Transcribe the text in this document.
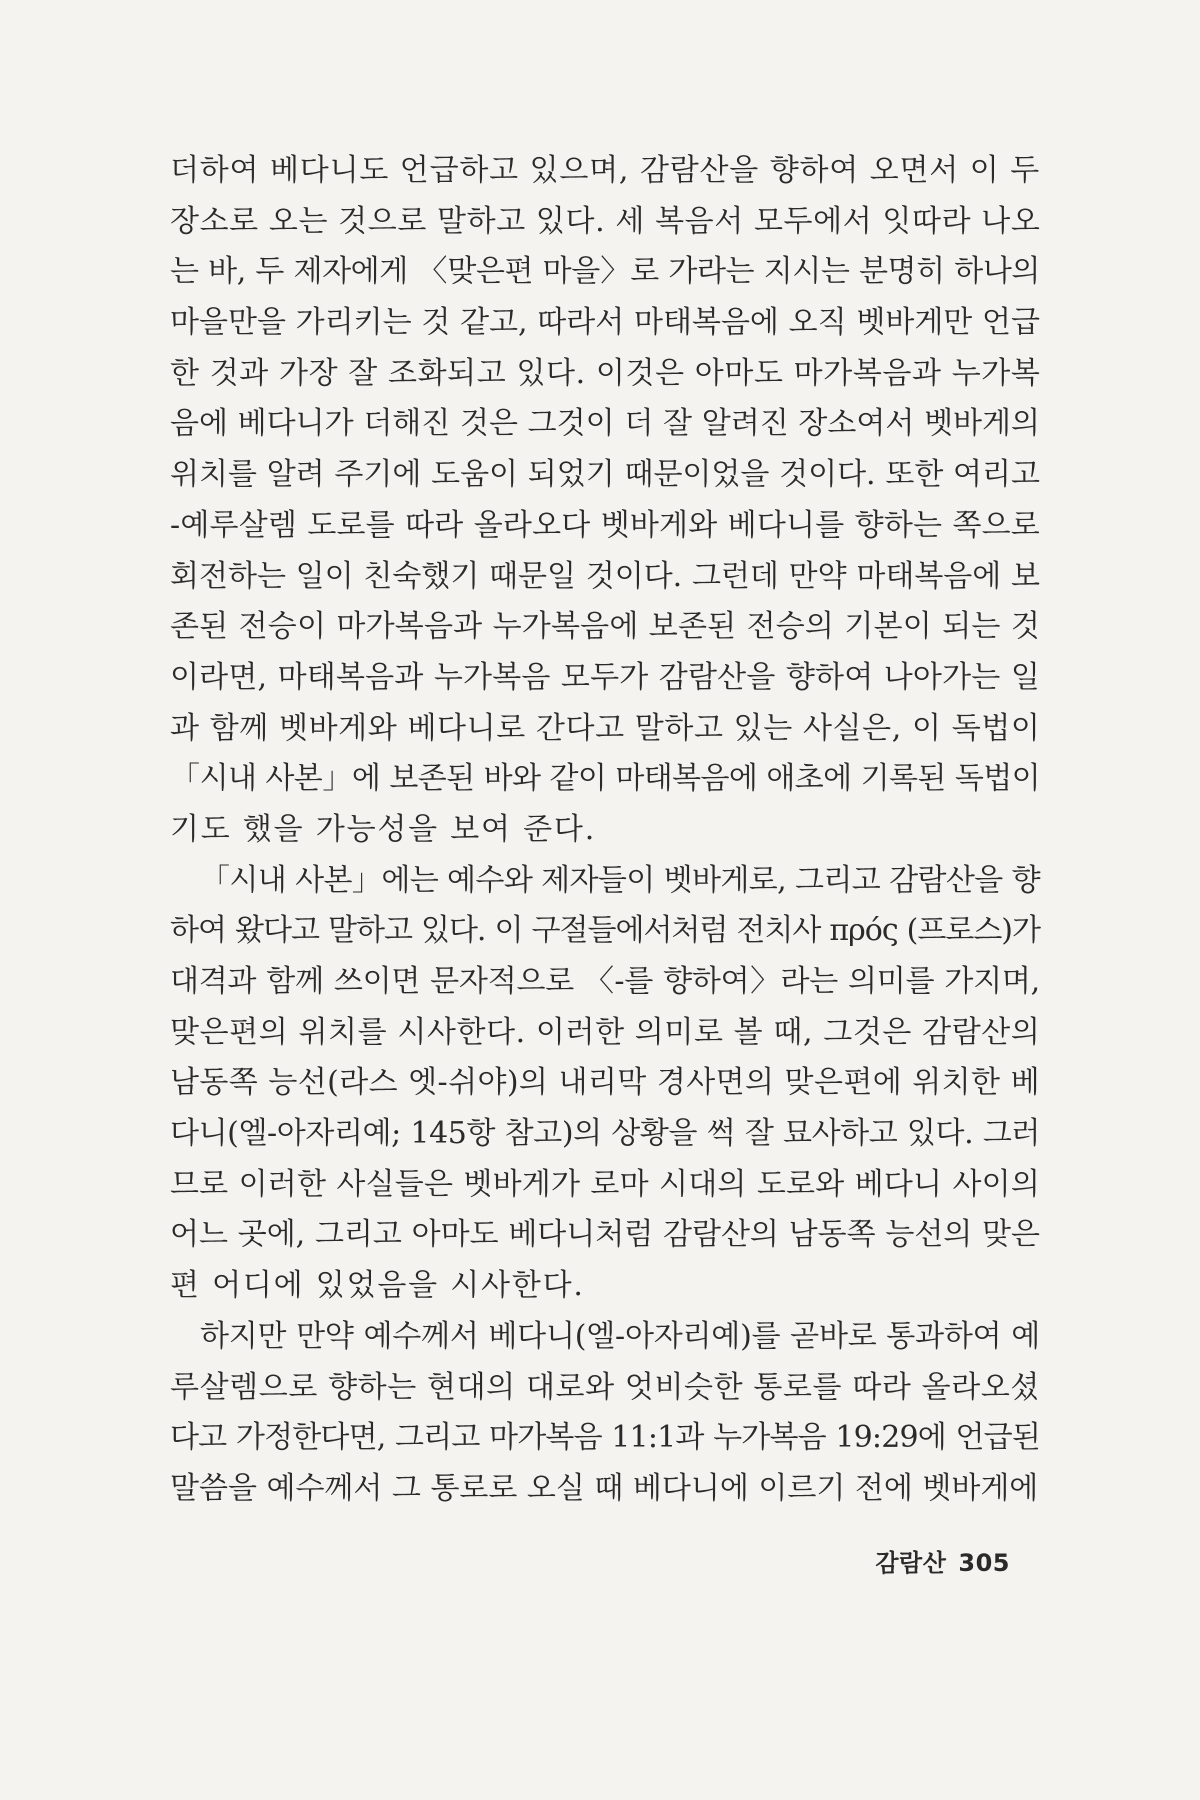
더하여 베다니도 언급하고 있으며, 감람산을 향하여 오면서 이 두
장소로 오는 것으로 말하고 있다. 세 복음서 모두에서 잇따라 나오
는 바, 두 제자에게 〈맞은편 마을〉로 가라는 지시는 분명히 하나의
마을만을 가리키는 것 같고, 따라서 마태복음에 오직 벳바게만 언급
한 것과 가장 잘 조화되고 있다. 이것은 아마도 마가복음과 누가복
음에 베다니가 더해진 것은 그것이 더 잘 알려진 장소여서 벳바게의
위치를 알려 주기에 도움이 되었기 때문이었을 것이다. 또한 여리고
-예루살렘 도로를 따라 올라오다 벳바게와 베다니를 향하는 쪽으로
회전하는 일이 친숙했기 때문일 것이다. 그런데 만약 마태복음에 보
존된 전승이 마가복음과 누가복음에 보존된 전승의 기본이 되는 것
이라면, 마태복음과 누가복음 모두가 감람산을 향하여 나아가는 일
과 함께 벳바게와 베다니로 간다고 말하고 있는 사실은, 이 독법이
「시내 사본」에 보존된 바와 같이 마태복음에 애초에 기록된 독법이
기도 했을 가능성을 보여 준다.
「시내 사본」에는 예수와 제자들이 벳바게로, 그리고 감람산을 향
하여 왔다고 말하고 있다. 이 구절들에서처럼 전치사 πρός (프로스)가
대격과 함께 쓰이면 문자적으로 〈-를 향하여〉라는 의미를 가지며,
맞은편의 위치를 시사한다. 이러한 의미로 볼 때, 그것은 감람산의
남동쪽 능선(라스 엣-쉬야)의 내리막 경사면의 맞은편에 위치한 베
다니(엘-아자리예; 145항 참고)의 상황을 썩 잘 묘사하고 있다. 그러
므로 이러한 사실들은 벳바게가 로마 시대의 도로와 베다니 사이의
어느 곳에, 그리고 아마도 베다니처럼 감람산의 남동쪽 능선의 맞은
편 어디에 있었음을 시사한다.
하지만 만약 예수께서 베다니(엘-아자리예)를 곧바로 통과하여 예
루살렘으로 향하는 현대의 대로와 엇비슷한 통로를 따라 올라오셨
다고 가정한다면, 그리고 마가복음 11:1과 누가복음 19:29에 언급된
말씀을 예수께서 그 통로로 오실 때 베다니에 이르기 전에 벳바게에
감람산 305
